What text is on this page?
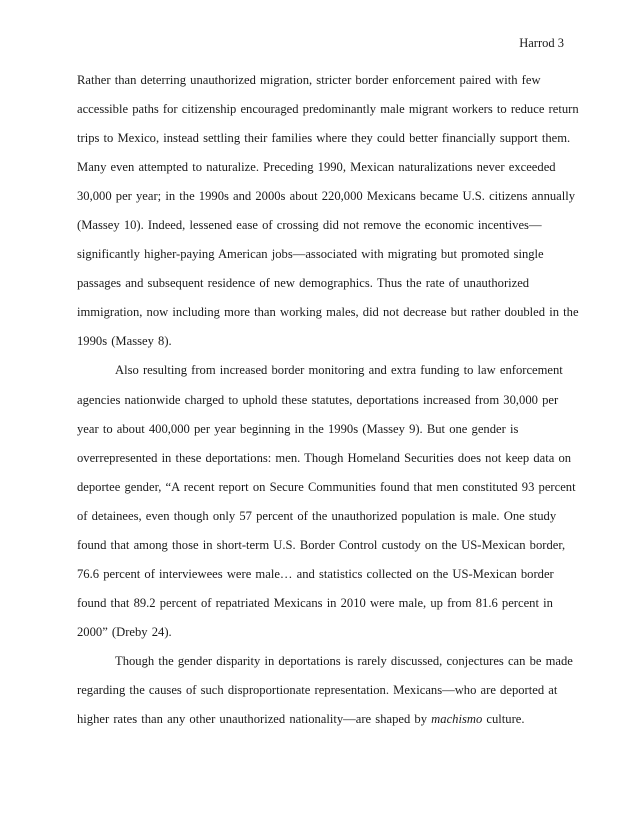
Harrod 3

Rather than deterring unauthorized migration, stricter border enforcement paired with few
accessible paths for citizenship encouraged predominantly male migrant workers to reduce return
trips to Mexico, instead settling their families where they could better financially support them.
Many even attempted to naturalize. Preceding 1990, Mexican naturalizations never exceeded
30,000 per year; in the 1990s and 2000s about 220,000 Mexicans became U.S. citizens annually
(Massey 10). Indeed, lessened ease of crossing did not remove the economic incentives—
significantly higher-paying American jobs—associated with migrating but promoted single
passages and subsequent residence of new demographics. Thus the rate of unauthorized
immigration, now including more than working males, did not decrease but rather doubled in the
1990s (Massey 8).

Also resulting from increased border monitoring and extra funding to law enforcement

agencies nationwide charged to uphold these statutes, deportations increased from 30,000 per
year to about 400,000 per year beginning in the 1990s (Massey 9). But one gender is
overrepresented in these deportations: men. Though Homeland Securities does not keep data on
deportee gender, “A recent report on Secure Communities found that men constituted 93 percent
of detainees, even though only 57 percent of the unauthorized population is male. One study
found that among those in short-term U.S. Border Control custody on the US-Mexican border,
76.6 percent of interviewees were male… and statistics collected on the US-Mexican border
found that 89.2 percent of repatriated Mexicans in 2010 were male, up from 81.6 percent in
2000” (Dreby 24).

Though the gender disparity in deportations is rarely discussed, conjectures can be made

regarding the causes of such disproportionate representation. Mexicans—who are deported at
higher rates than any other unauthorized nationality—are shaped by machismo culture.
